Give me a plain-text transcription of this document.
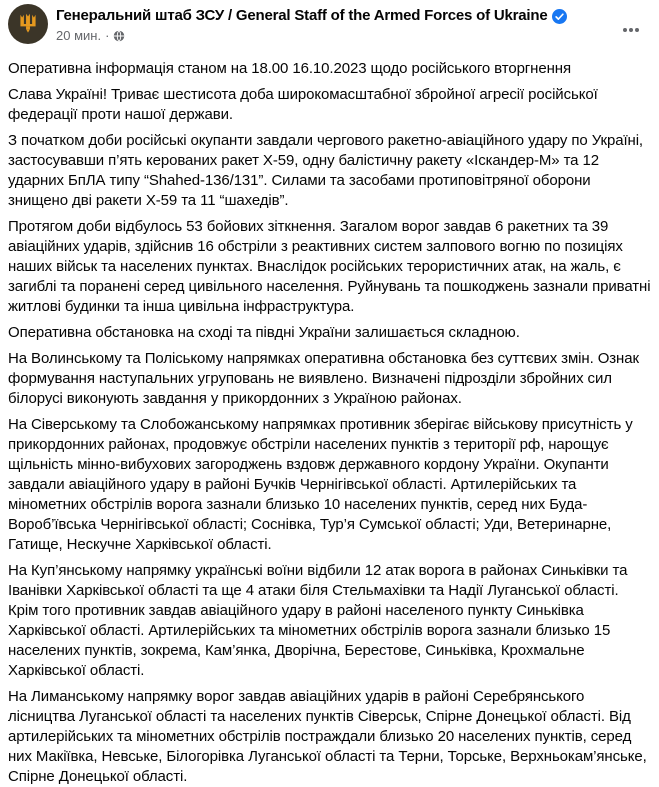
Генеральний штаб ЗСУ / General Staff of the Armed Forces of Ukraine
20 мин. ·

Оперативна інформація станом на 18.00 16.10.2023 щодо російського вторгнення

Слава Україні! Триває шестисота доба широкомасштабної збройної агресії російської федерації проти нашої держави.

З початком доби російські окупанти завдали чергового ракетно-авіаційного удару по Україні, застосувавши п’ять керованих ракет Х-59, одну балістичну ракету «Іскандер-М» та 12 ударних БпЛА типу “Shahed-136/131”. Силами та засобами протиповітряної оборони знищено дві ракети Х-59 та 11 “шахедів”.

Протягом доби відбулось 53 бойових зіткнення. Загалом ворог завдав 6 ракетних та 39 авіаційних ударів, здійснив 16 обстріли з реактивних систем залпового вогню по позиціях наших військ та населених пунктах. Внаслідок російських терористичних атак, на жаль, є загиблі та поранені серед цивільного населення. Руйнувань та пошкоджень зазнали приватні житлові будинки та інша цивільна інфраструктура.

Оперативна обстановка на сході та півдні України залишається складною.

На Волинському та Поліському напрямках оперативна обстановка без суттєвих змін. Ознак формування наступальних угруповань не виявлено. Визначені підрозділи збройних сил білорусі виконують завдання у прикордонних з Україною районах.

На Сіверському та Слобожанському напрямках противник зберігає військову присутність у прикордонних районах, продовжує обстріли населених пунктів з території рф, нарощує щільність мінно-вибухових загороджень вздовж державного кордону України. Окупанти завдали авіаційного удару в районі Бучків Чернігівської області. Артилерійських та мінометних обстрілів ворога зазнали близько 10 населених пунктів, серед них Буда-Вороб’ївська Чернігівської області; Соснівка, Тур’я Сумської області; Уди, Ветеринарне, Гатище, Нескучне Харківської області.

На Куп’янському напрямку українські воїни відбили 12 атак ворога в районах Синьківки та Іванівки Харківської області та ще 4 атаки біля Стельмахівки та Надії Луганської області. Крім того противник завдав авіаційного удару в районі населеного пункту Синьківка Харківської області. Артилерійських та мінометних обстрілів ворога зазнали близько 15 населених пунктів, зокрема, Кам’янка, Дворічна, Берестове, Синьківка, Крохмальне Харківської області.

На Лиманському напрямку ворог завдав авіаційних ударів в районі Серебрянського лісництва Луганської області та населених пунктів Сіверськ, Спірне Донецької області. Від артилерійських та мінометних обстрілів постраждали близько 20 населених пунктів, серед них Макіївка, Невське, Білогорівка Луганської області та Терни, Торське, Верхньокам’янське, Спірне Донецької області.
